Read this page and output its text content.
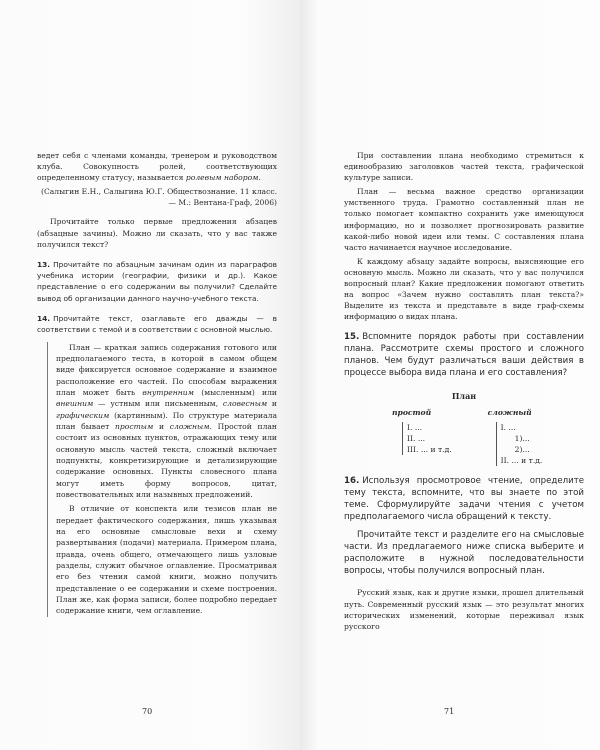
ведет себя с членами команды, тренером и руководством клуба. Совокупность ролей, соответствующих определенному статусу, называется ролевым набором.

(Салыгин Е.Н., Салыгина Ю.Г. Обществознание. 11 класс. — М.: Вентана-Граф, 2006)

Прочитайте только первые предложения абзацев (абзацные зачины). Можно ли сказать, что у вас также получился текст?

13. Прочитайте по абзацным зачинам один из параграфов учебника истории (географии, физики и др.). Какое представление о его содержании вы получили? Сделайте вывод об организации данного научно-учебного текста.

14. Прочитайте текст, озаглавьте его дважды — в соответствии с темой и в соответствии с основной мыслью.

План — краткая запись содержания готового или предполагаемого теста, в которой в самом общем виде фиксируется основное содержание и взаимное расположение его частей. По способам выражения план может быть внутренним (мысленным) или внешним — устным или письменным, словесным и графическим (картинным). По структуре материала план бывает простым и сложным. Простой план состоит из основных пунктов, отражающих тему или основную мысль частей текста, сложный включает подпункты, конкретизирующие и детализирующие содержание основных. Пункты словесного плана могут иметь форму вопросов, цитат, повествовательных или назывных предложений.

В отличие от конспекта или тезисов план не передает фактического содержания, лишь указывая на его основные смысловые вехи и схему развертывания (подачи) материала. Примером плана, правда, очень общего, отмечающего лишь узловые разделы, служит обычное оглавление. Просматривая его без чтения самой книги, можно получить представление о ее содержании и схеме построения. План же, как форма записи, более подробно передает содержание книги, чем оглавление.

70

При составлении плана необходимо стремиться к единообразию заголовков частей текста, графической культуре записи.

План — весьма важное средство организации умственного труда. Грамотно составленный план не только помогает компактно сохранить уже имеющуюся информацию, но и позволяет прогнозировать развитие какой-либо новой идеи или темы. С составления плана часто начинается научное исследование.

К каждому абзацу задайте вопросы, выясняющие его основную мысль. Можно ли сказать, что у вас получился вопросный план? Какие предложения помогают ответить на вопрос «Зачем нужно составлять план текста?» Выделите из текста и представьте в виде граф-схемы информацию о видах плана.

15. Вспомните порядок работы при составлении плана. Рассмотрите схемы простого и сложного планов. Чем будут различаться ваши действия в процессе выбора вида плана и его составления?

План
простой
I. ...
II. ...
III. ... и т.д.
сложный
I. ...
1)...
2)...
II. ... и т.д.

16. Используя просмотровое чтение, определите тему текста, вспомните, что вы знаете по этой теме. Сформулируйте задачи чтения с учетом предполагаемого числа обращений к тексту.

Прочитайте текст и разделите его на смысловые части. Из предлагаемого ниже списка выберите и расположите в нужной последовательности вопросы, чтобы получился вопросный план.

Русский язык, как и другие языки, прошел длительный путь. Современный русский язык — это результат многих исторических изменений, которые переживал язык русского

71
